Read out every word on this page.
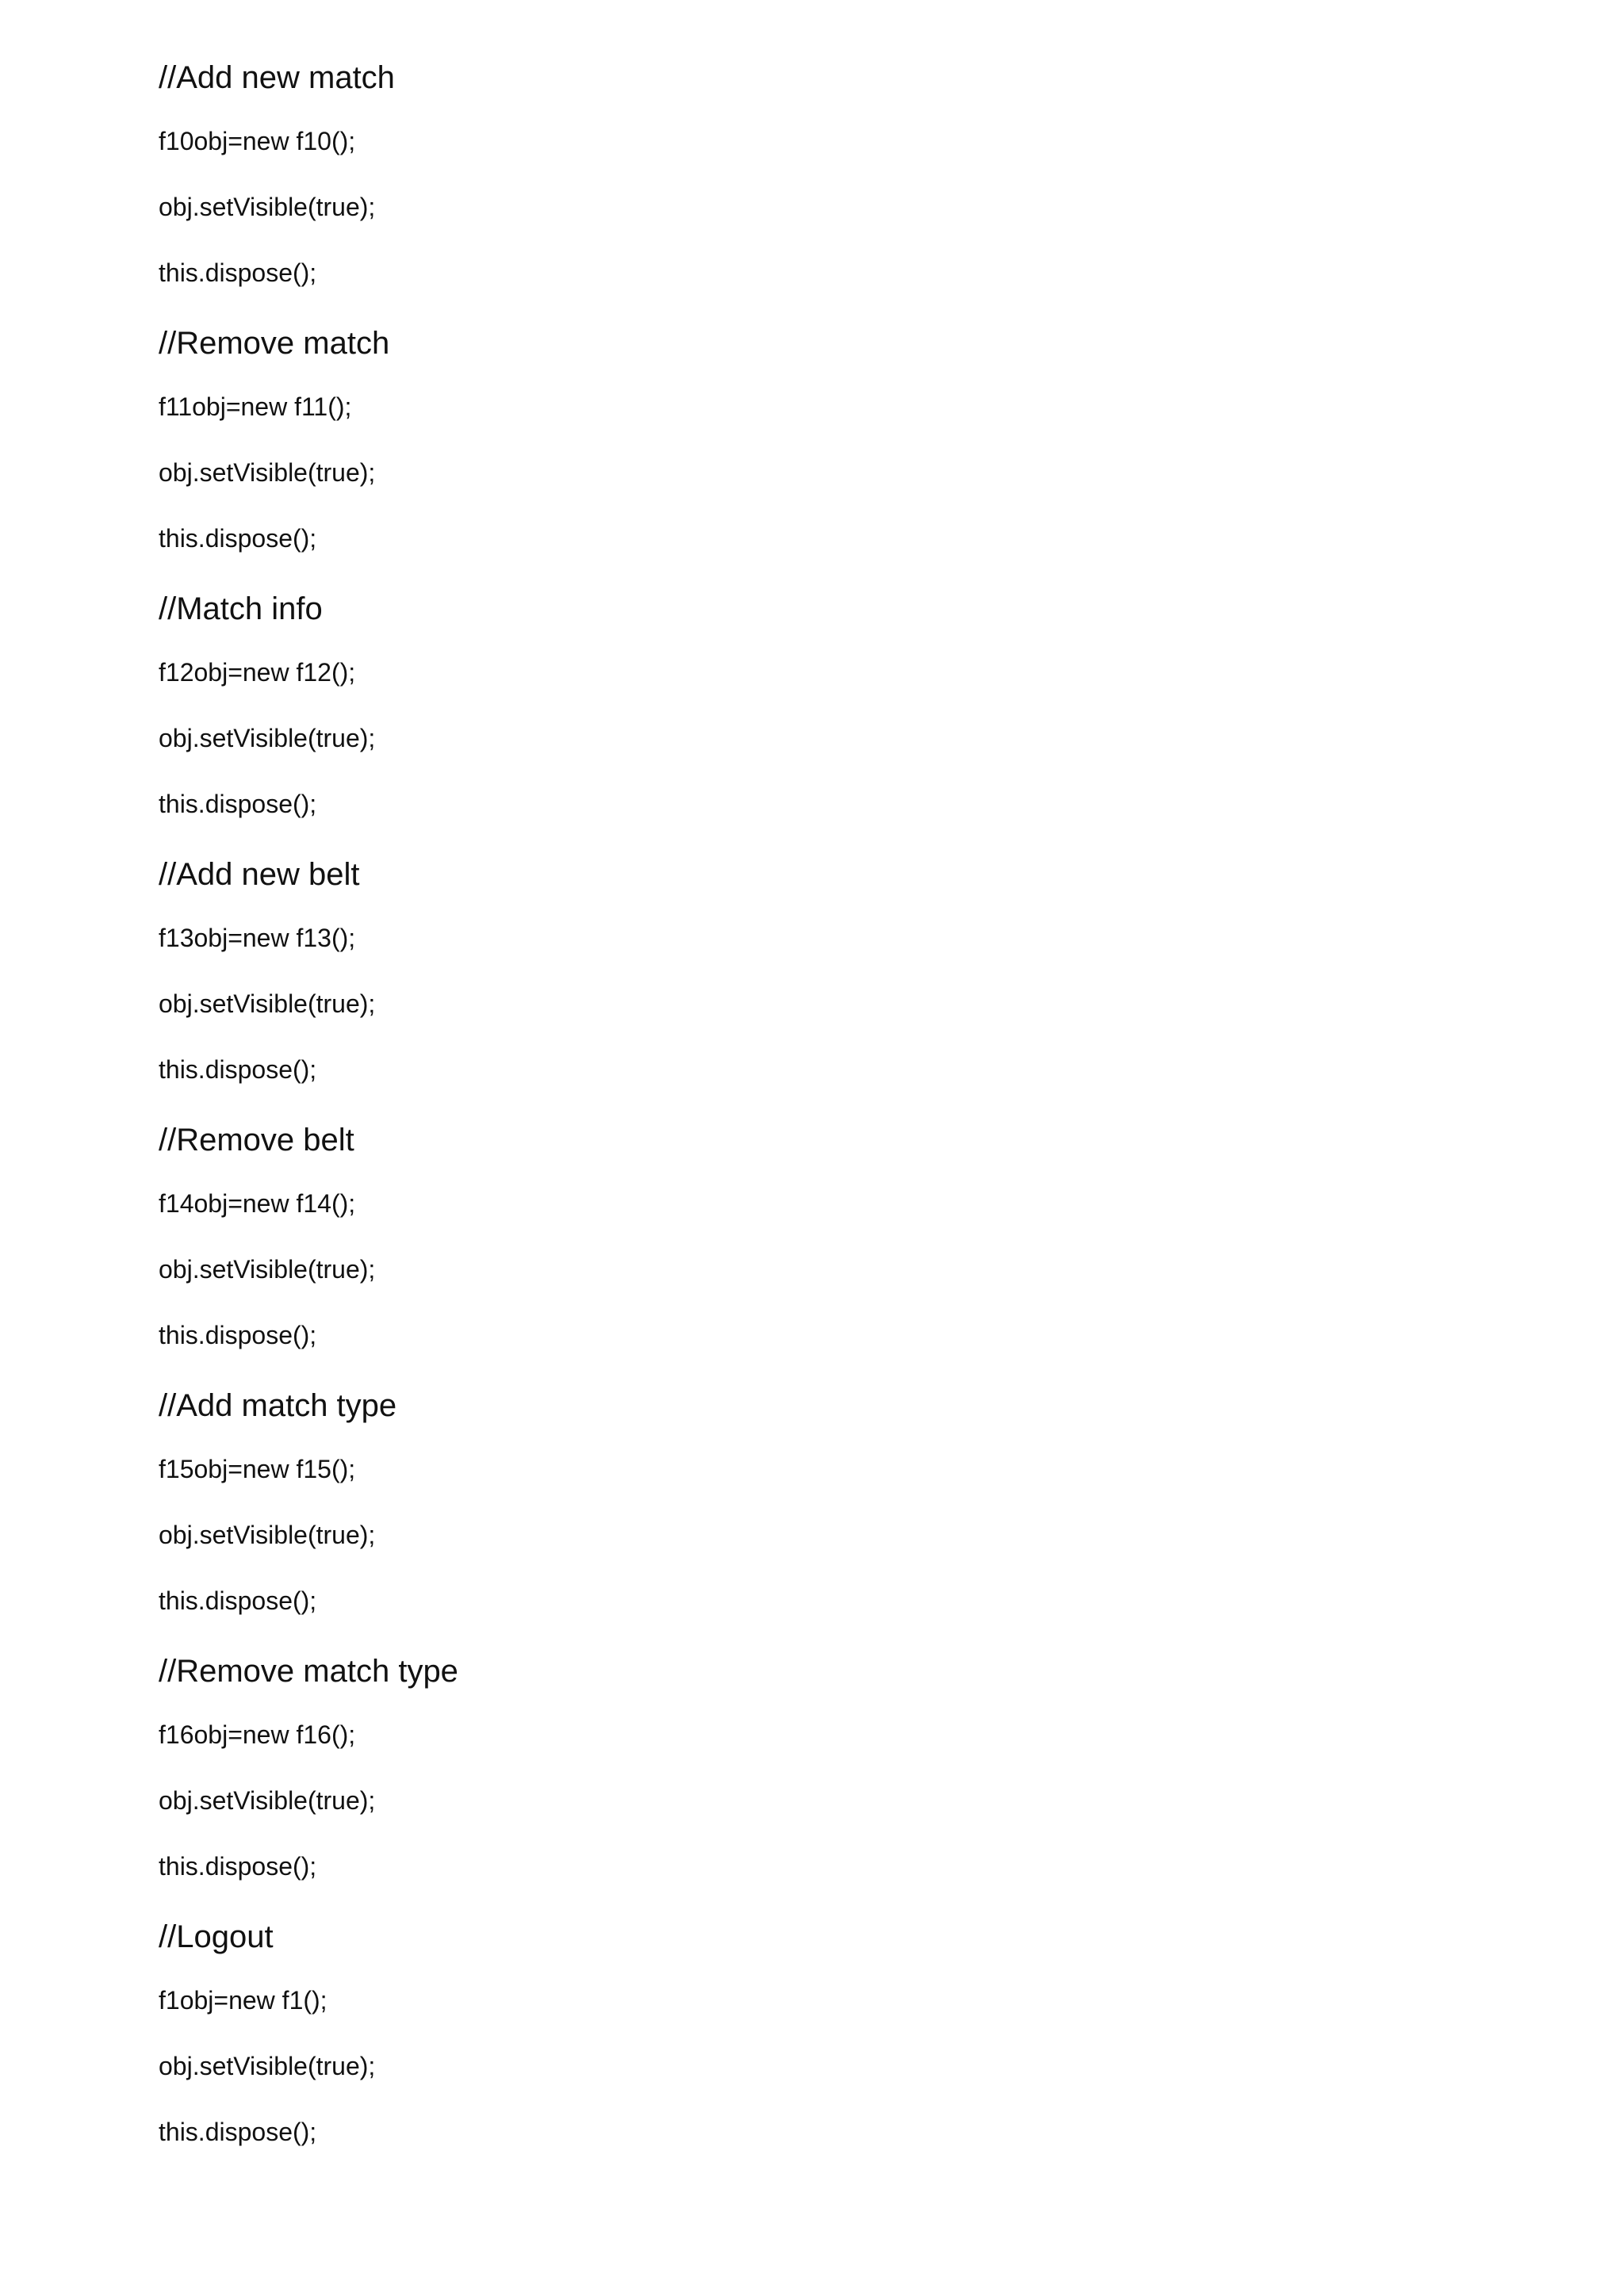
//Add new match
f10obj=new f10();
obj.setVisible(true);
this.dispose();
//Remove match
f11obj=new f11();
obj.setVisible(true);
this.dispose();
//Match info
f12obj=new f12();
obj.setVisible(true);
this.dispose();
//Add new belt
f13obj=new f13();
obj.setVisible(true);
this.dispose();
//Remove belt
f14obj=new f14();
obj.setVisible(true);
this.dispose();
//Add match type
f15obj=new f15();
obj.setVisible(true);
this.dispose();
//Remove match type
f16obj=new f16();
obj.setVisible(true);
this.dispose();
//Logout
f1obj=new f1();
obj.setVisible(true);
this.dispose();
